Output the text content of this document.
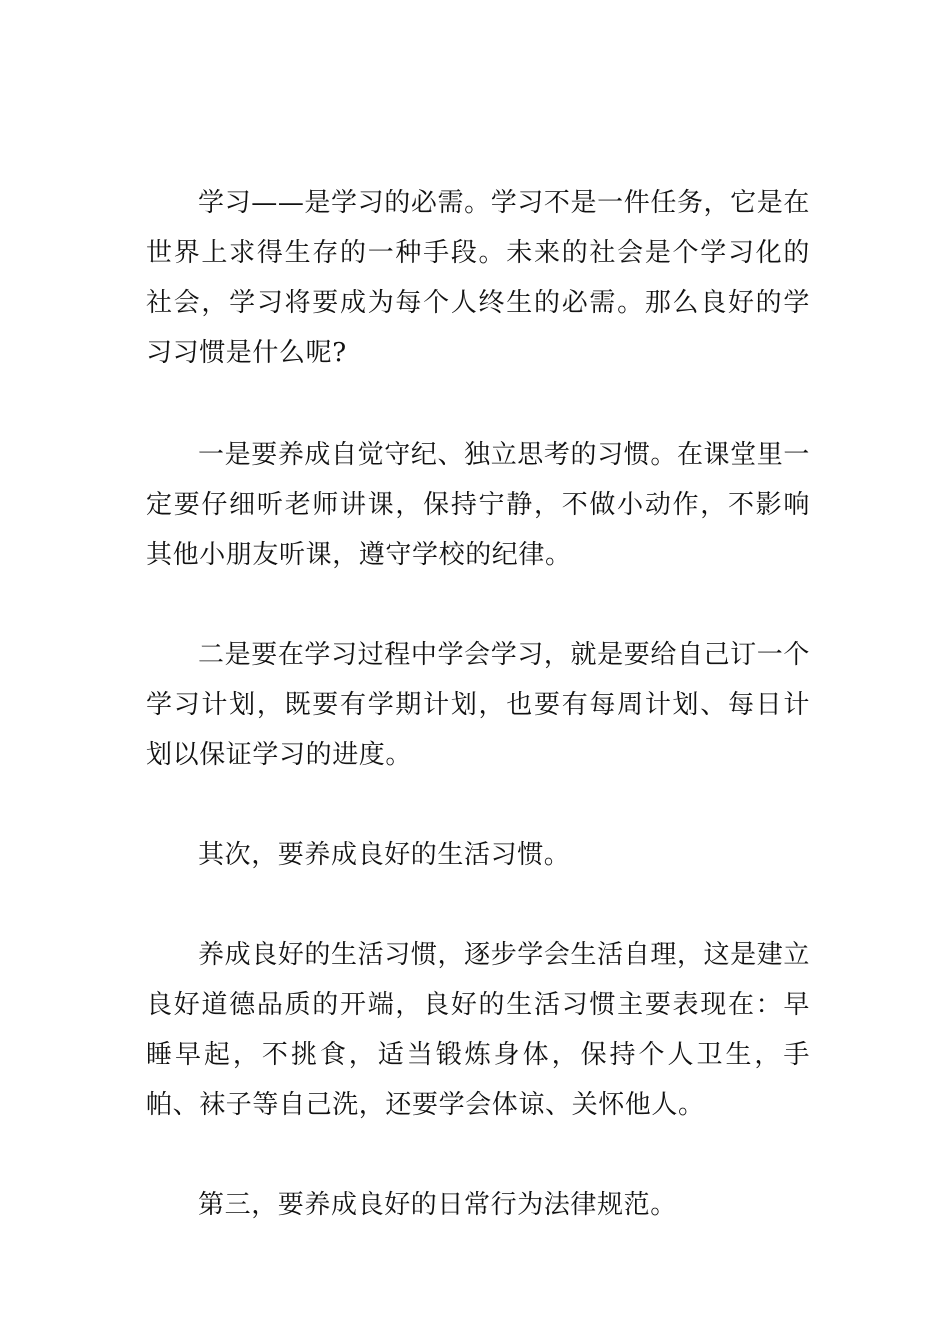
学习——是学习的必需。学习不是一件任务，它是在世界上求得生存的一种手段。未来的社会是个学习化的社会，学习将要成为每个人终生的必需。那么良好的学习习惯是什么呢?

一是要养成自觉守纪、独立思考的习惯。在课堂里一定要仔细听老师讲课，保持宁静，不做小动作，不影响其他小朋友听课，遵守学校的纪律。

二是要在学习过程中学会学习，就是要给自己订一个学习计划，既要有学期计划，也要有每周计划、每日计划以保证学习的进度。

其次，要养成良好的生活习惯。

养成良好的生活习惯，逐步学会生活自理，这是建立良好道德品质的开端，良好的生活习惯主要表现在：早睡早起，不挑食，适当锻炼身体，保持个人卫生，手帕、袜子等自己洗，还要学会体谅、关怀他人。

第三，要养成良好的日常行为法律规范。
